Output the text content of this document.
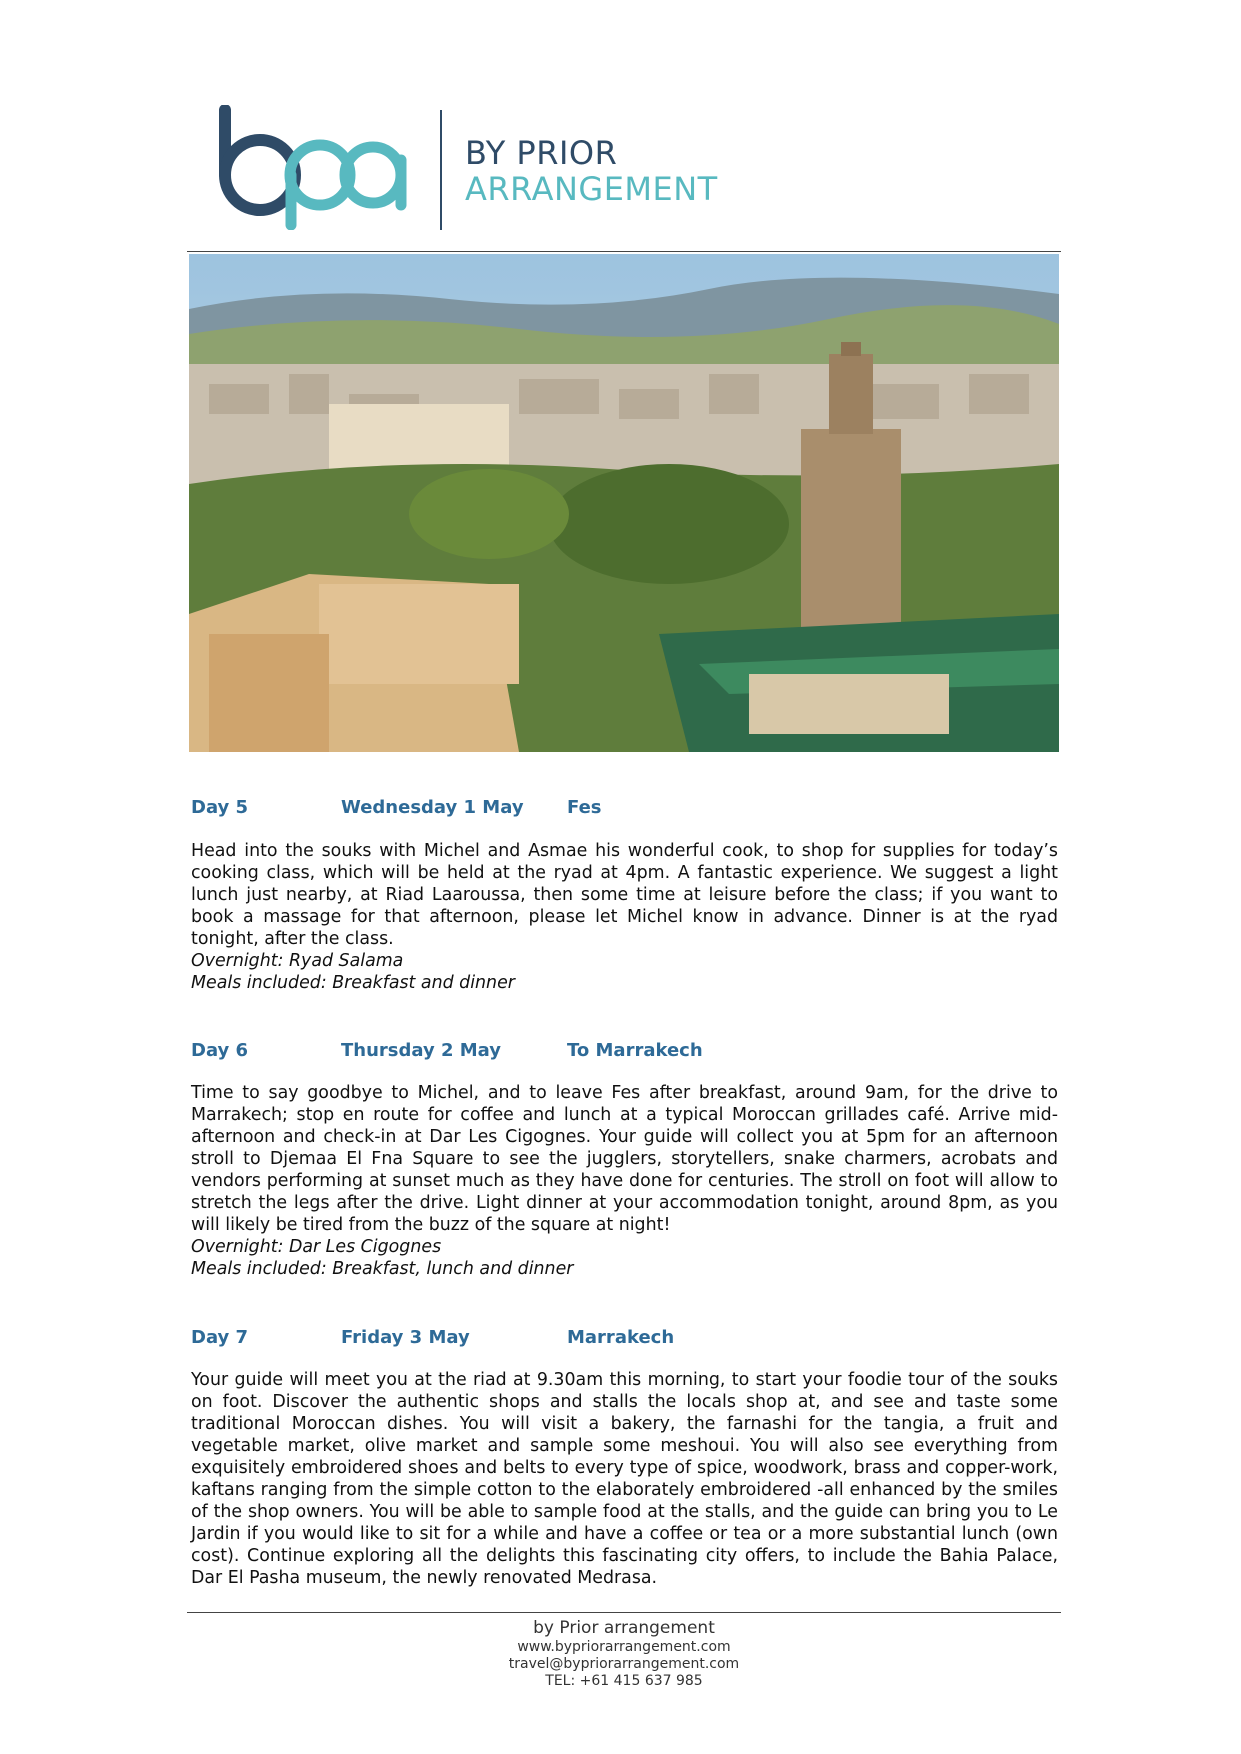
BY PRIOR
ARRANGEMENT
Day 5	Wednesday 1 May Fes

Head into the souks with Michel and Asmae his wonderful cook, to shop for supplies for today’s cooking class, which will be held at the ryad at 4pm. A fantastic experience. We suggest a light lunch just nearby, at Riad Laaroussa, then some time at leisure before the class; if you want to book a massage for that afternoon, please let Michel know in advance. Dinner is at the ryad tonight, after the class.

Overnight: Ryad Salama

Meals included: Breakfast and dinner

Day 6	Thursday 2 May	To Marrakech

Time to say goodbye to Michel, and to leave Fes after breakfast, around 9am, for the drive to Marrakech; stop en route for coffee and lunch at a typical Moroccan grillades café. Arrive mid-afternoon and check-in at Dar Les Cigognes. Your guide will collect you at 5pm for an afternoon stroll to Djemaa El Fna Square to see the jugglers, storytellers, snake charmers, acrobats and vendors performing at sunset much as they have done for centuries. The stroll on foot will allow to stretch the legs after the drive. Light dinner at your accommodation tonight, around 8pm, as you will likely be tired from the buzz of the square at night!

Overnight: Dar Les Cigognes

Meals included: Breakfast, lunch and dinner

Day 7	Friday 3 May	Marrakech

Your guide will meet you at the riad at 9.30am this morning, to start your foodie tour of the souks on foot. Discover the authentic shops and stalls the locals shop at, and see and taste some traditional Moroccan dishes. You will visit a bakery, the farnashi for the tangia, a fruit and vegetable market, olive market and sample some meshoui. You will also see everything from exquisitely embroidered shoes and belts to every type of spice, woodwork, brass and copper-work, kaftans ranging from the simple cotton to the elaborately embroidered -all enhanced by the smiles of the shop owners. You will be able to sample food at the stalls, and the guide can bring you to Le Jardin if you would like to sit for a while and have a coffee or tea or a more substantial lunch (own cost). Continue exploring all the delights this fascinating city offers, to include the Bahia Palace, Dar El Pasha museum, the newly renovated Medrasa.

by Prior arrangement
www.bypriorarrangement.com
travel@bypriorarrangement.com
TEL: +61 415 637 985
